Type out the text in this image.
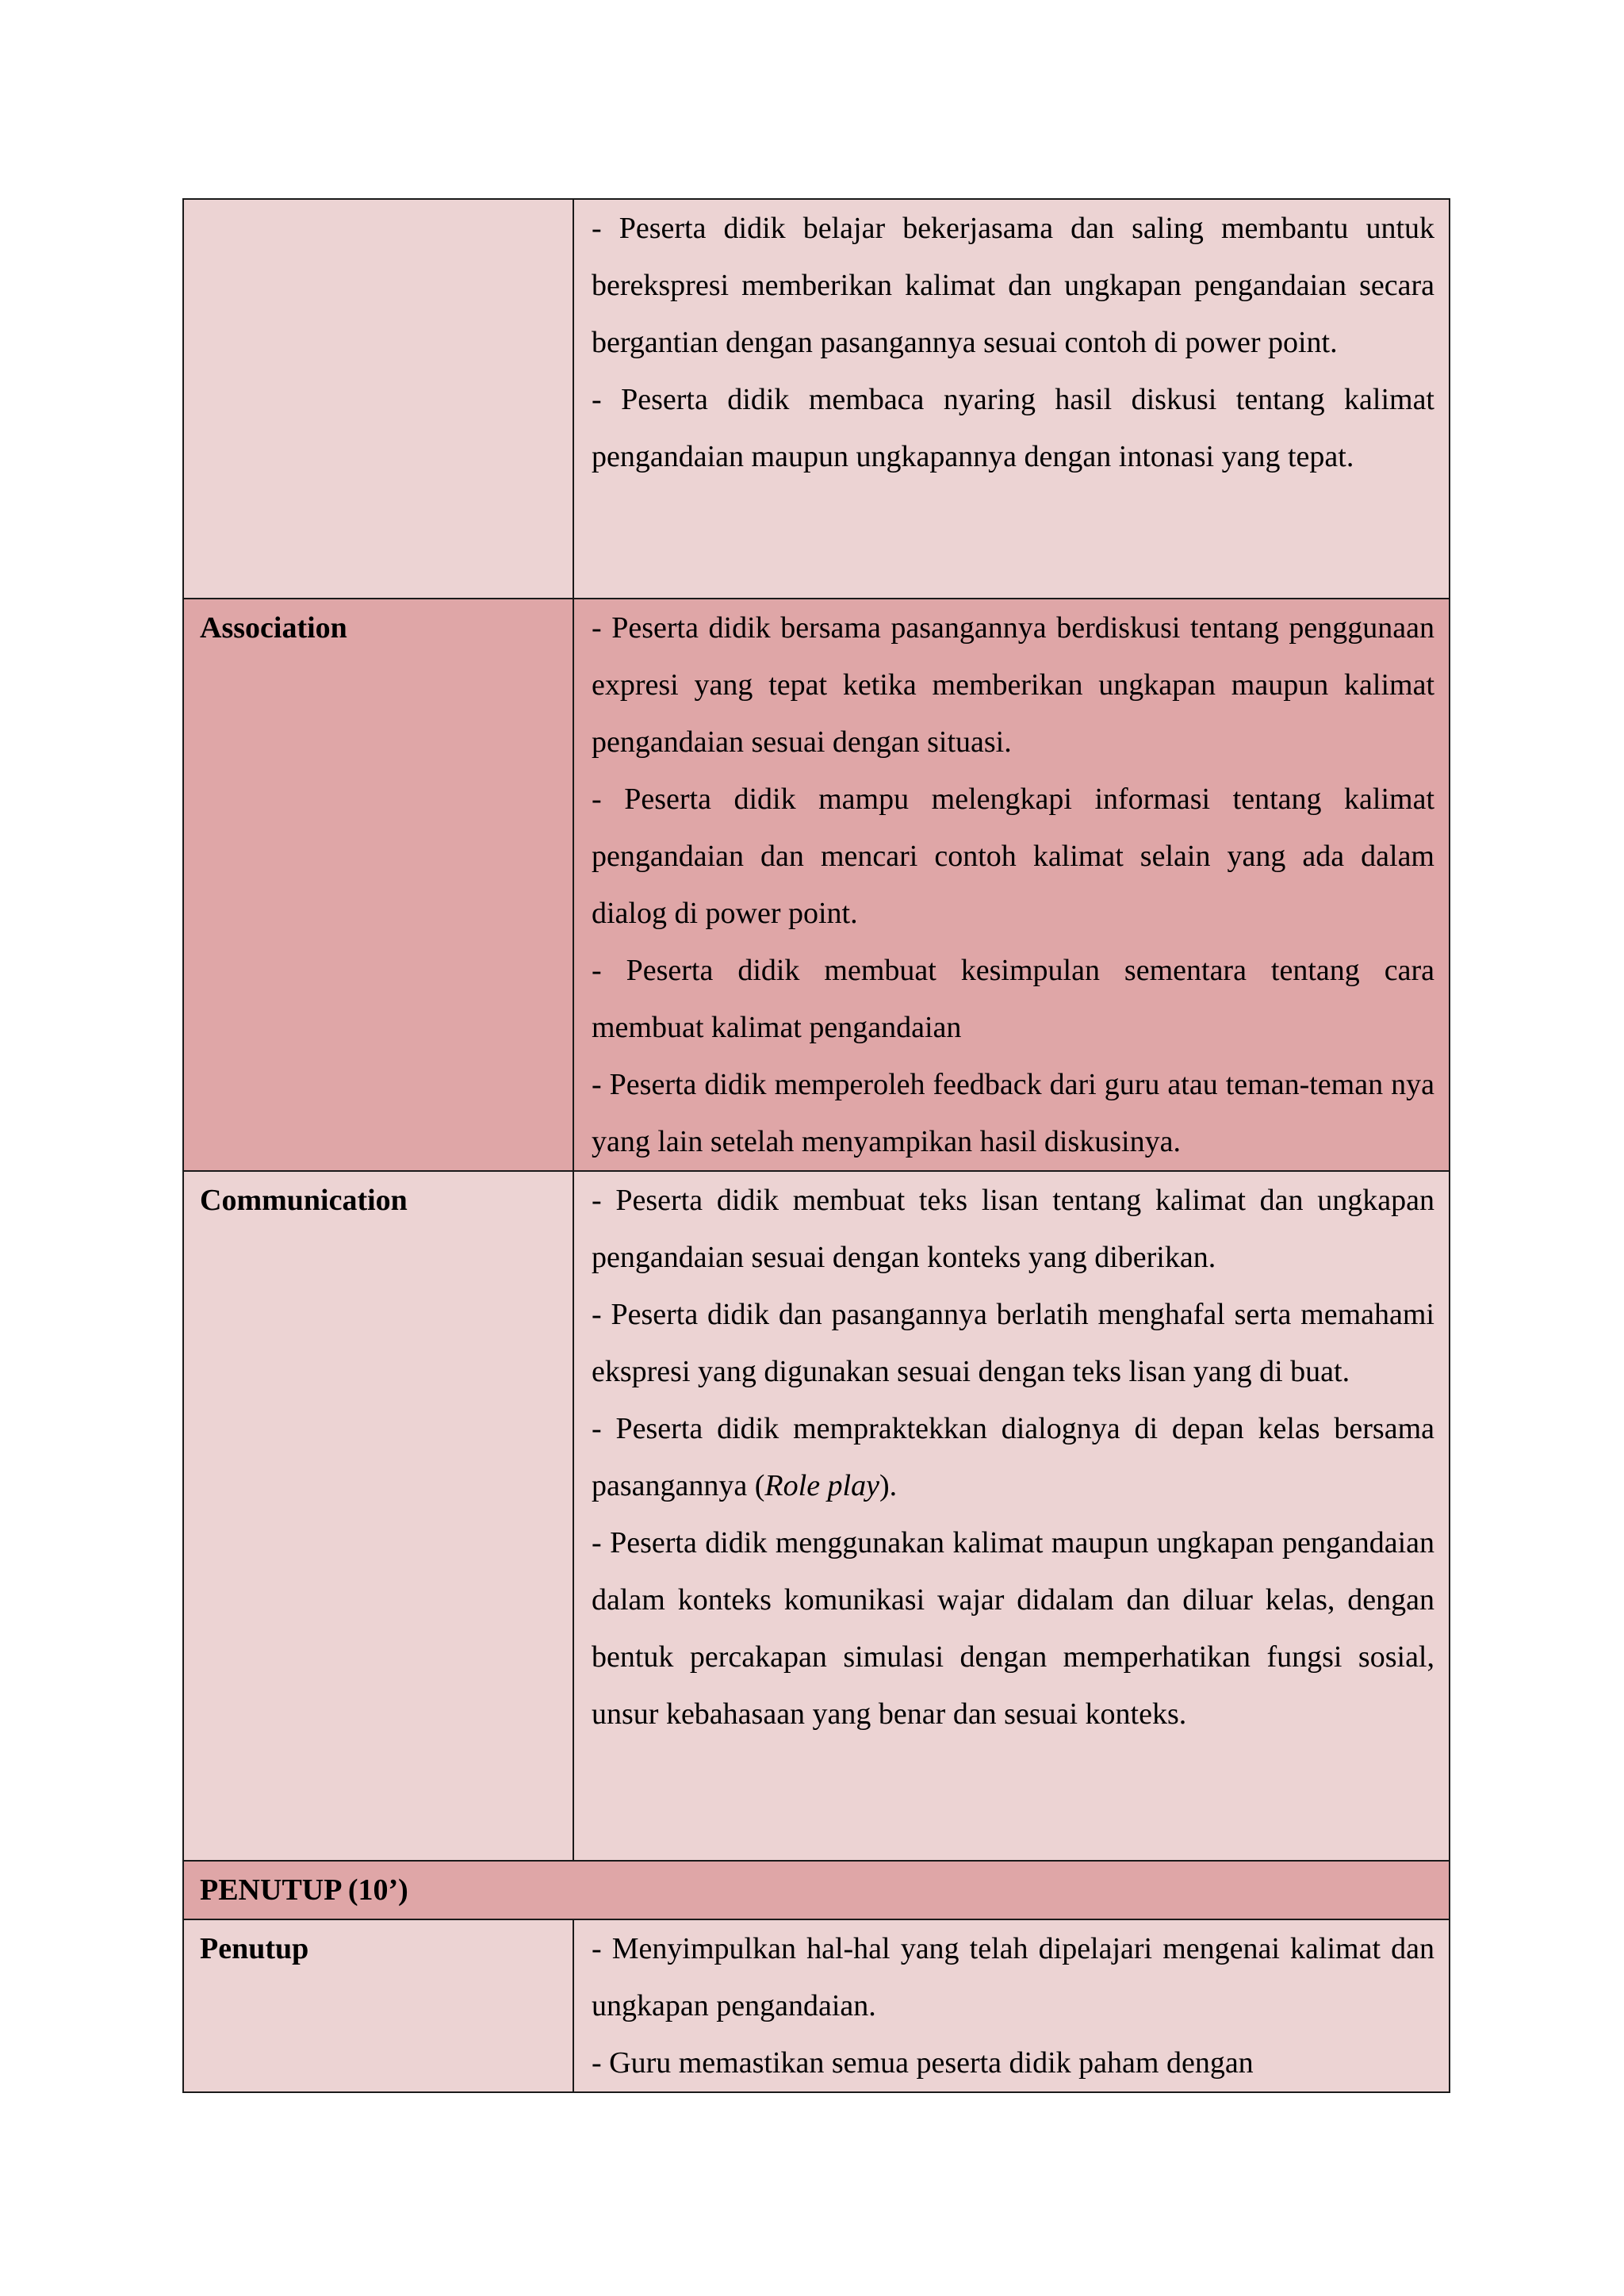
	- Peserta didik belajar bekerjasama dan saling membantu untuk berekspresi memberikan kalimat dan ungkapan pengandaian secara bergantian dengan pasangannya sesuai contoh di power point.

- Peserta didik membaca nyaring hasil diskusi tentang kalimat pengandaian maupun ungkapannya dengan intonasi yang tepat.

Association	- Peserta didik bersama pasangannya berdiskusi tentang penggunaan expresi yang tepat ketika memberikan ungkapan maupun kalimat pengandaian sesuai dengan situasi.

- Peserta didik mampu melengkapi informasi tentang kalimat pengandaian dan mencari contoh kalimat selain yang ada dalam dialog di power point.

- Peserta didik membuat kesimpulan sementara tentang cara membuat kalimat pengandaian

- Peserta didik memperoleh feedback dari guru atau teman-teman nya yang lain setelah menyampikan hasil diskusinya.

Communication	- Peserta didik membuat teks lisan tentang kalimat dan ungkapan pengandaian sesuai dengan konteks yang diberikan.

- Peserta didik dan pasangannya berlatih menghafal serta memahami ekspresi yang digunakan sesuai dengan teks lisan yang di buat.

- Peserta didik mempraktekkan dialognya di depan kelas bersama pasangannya (Role play).

- Peserta didik menggunakan kalimat maupun ungkapan pengandaian dalam konteks komunikasi wajar didalam dan diluar kelas, dengan bentuk percakapan simulasi dengan memperhatikan fungsi sosial, unsur kebahasaan yang benar dan sesuai konteks.

PENUTUP (10’)	

Penutup	- Menyimpulkan hal-hal yang telah dipelajari mengenai kalimat dan ungkapan pengandaian.

- Guru memastikan semua peserta didik paham dengan
